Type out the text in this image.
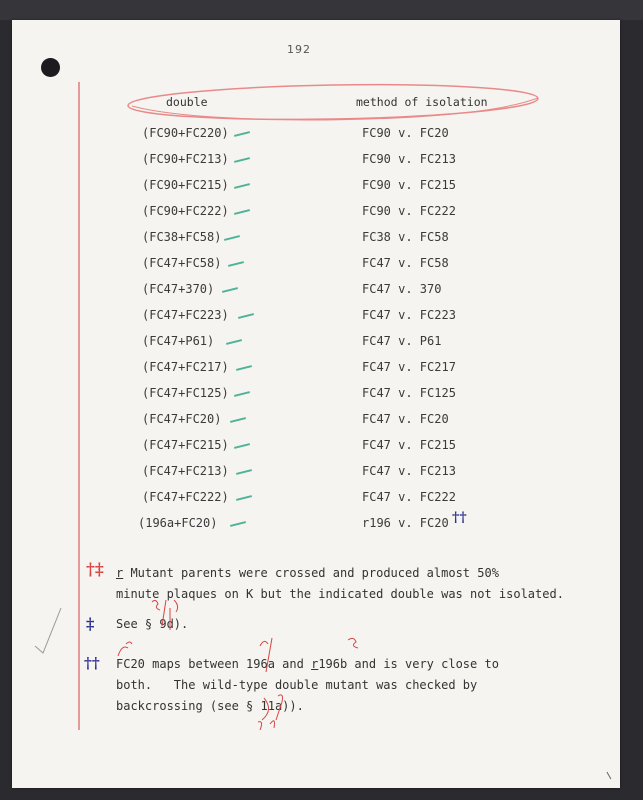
192
double	method of isolation
(FC90+FC220)	FC90 v. FC20
(FC90+FC213)	FC90 v. FC213
(FC90+FC215)	FC90 v. FC215
(FC90+FC222)	FC90 v. FC222
(FC38+FC58)	FC38 v. FC58
(FC47+FC58)	FC47 v. FC58
(FC47+370)	FC47 v. 370
(FC47+FC223)	FC47 v. FC223
(FC47+P61)	FC47 v. P61
(FC47+FC217)	FC47 v. FC217
(FC47+FC125)	FC47 v. FC125
(FC47+FC20)	FC47 v. FC20
(FC47+FC215)	FC47 v. FC215
(FC47+FC213)	FC47 v. FC213
(FC47+FC222)	FC47 v. FC222
(196a+FC20)	r196 v. FC20 ††
†‡ r Mutant parents were crossed and produced almost 50%
minute plaques on K but the indicated double was not isolated.
‡ See § 9d).
†† FC20 maps between 196a and r196b and is very close to
both.   The wild-type double mutant was checked by
backcrossing (see § 11a)).
